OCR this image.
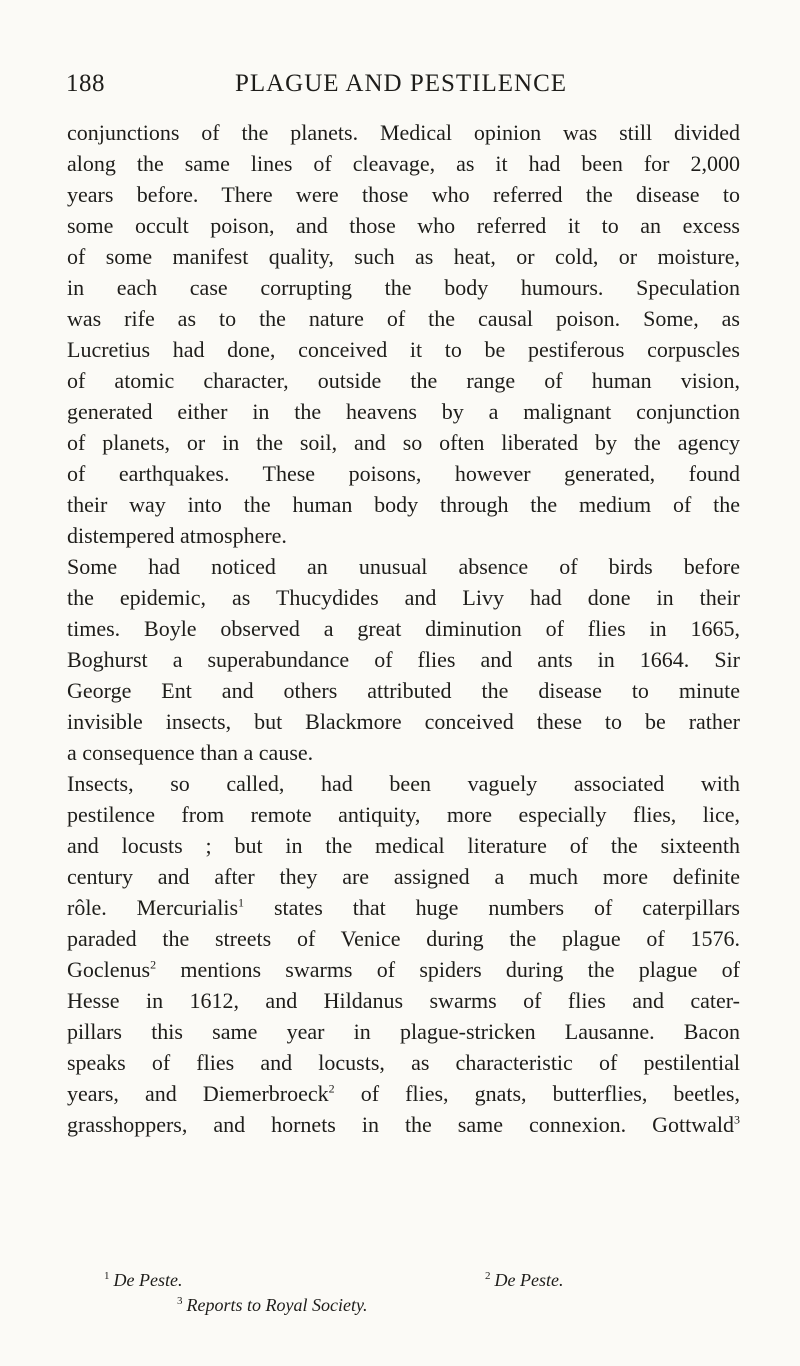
188	PLAGUE AND PESTILENCE
conjunctions of the planets. Medical opinion was still divided
along the same lines of cleavage, as it had been for 2,000
years before. There were those who referred the disease to
some occult poison, and those who referred it to an excess
of some manifest quality, such as heat, or cold, or moisture,
in each case corrupting the body humours. Speculation
was rife as to the nature of the causal poison. Some, as
Lucretius had done, conceived it to be pestiferous corpuscles
of atomic character, outside the range of human vision,
generated either in the heavens by a malignant conjunction
of planets, or in the soil, and so often liberated by the agency
of earthquakes. These poisons, however generated, found
their way into the human body through the medium of the
distempered atmosphere.
Some had noticed an unusual absence of birds before
the epidemic, as Thucydides and Livy had done in their
times. Boyle observed a great diminution of flies in 1665,
Boghurst a superabundance of flies and ants in 1664. Sir
George Ent and others attributed the disease to minute
invisible insects, but Blackmore conceived these to be rather
a consequence than a cause.
Insects, so called, had been vaguely associated with
pestilence from remote antiquity, more especially flies, lice,
and locusts ; but in the medical literature of the sixteenth
century and after they are assigned a much more definite
rôle. Mercurialis$^1$ states that huge numbers of caterpillars
paraded the streets of Venice during the plague of 1576.
Goclenus$^2$ mentions swarms of spiders during the plague of
Hesse in 1612, and Hildanus swarms of flies and cater-
pillars this same year in plague-stricken Lausanne. Bacon
speaks of flies and locusts, as characteristic of pestilential
years, and Diemerbroeck$^2$ of flies, gnats, butterflies, beetles,
grasshoppers, and hornets in the same connexion. Gottwald$^3$
$^1$ De Peste.	$^2$ De Peste.
$^3$ Reports to Royal Society.
